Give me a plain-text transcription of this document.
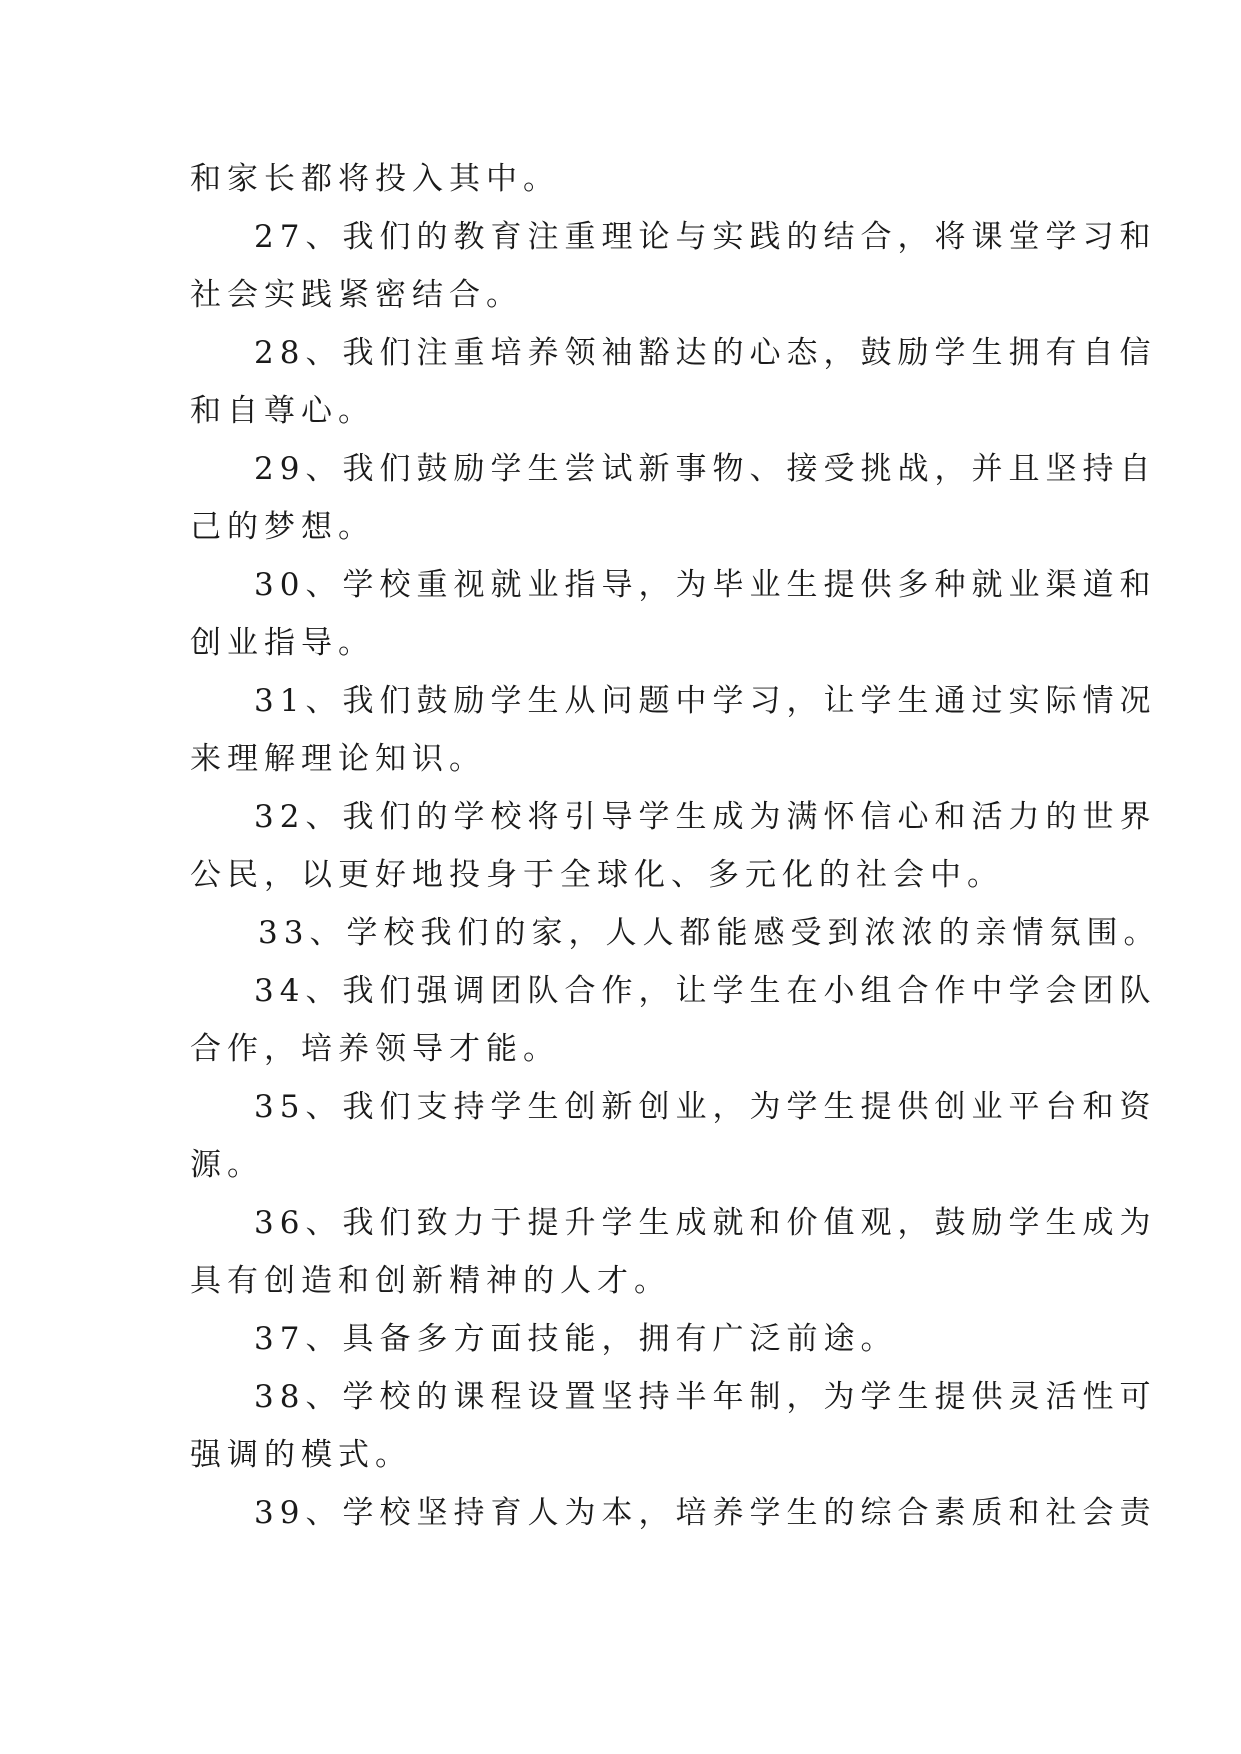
和家长都将投入其中。
27、我们的教育注重理论与实践的结合，将课堂学习和
社会实践紧密结合。
28、我们注重培养领袖豁达的心态，鼓励学生拥有自信
和自尊心。
29、我们鼓励学生尝试新事物、接受挑战，并且坚持自
己的梦想。
30、学校重视就业指导，为毕业生提供多种就业渠道和
创业指导。
31、我们鼓励学生从问题中学习，让学生通过实际情况
来理解理论知识。
32、我们的学校将引导学生成为满怀信心和活力的世界
公民，以更好地投身于全球化、多元化的社会中。
33、学校我们的家，人人都能感受到浓浓的亲情氛围。
34、我们强调团队合作，让学生在小组合作中学会团队
合作，培养领导才能。
35、我们支持学生创新创业，为学生提供创业平台和资
源。
36、我们致力于提升学生成就和价值观，鼓励学生成为
具有创造和创新精神的人才。
37、具备多方面技能，拥有广泛前途。
38、学校的课程设置坚持半年制，为学生提供灵活性可
强调的模式。
39、学校坚持育人为本，培养学生的综合素质和社会责
